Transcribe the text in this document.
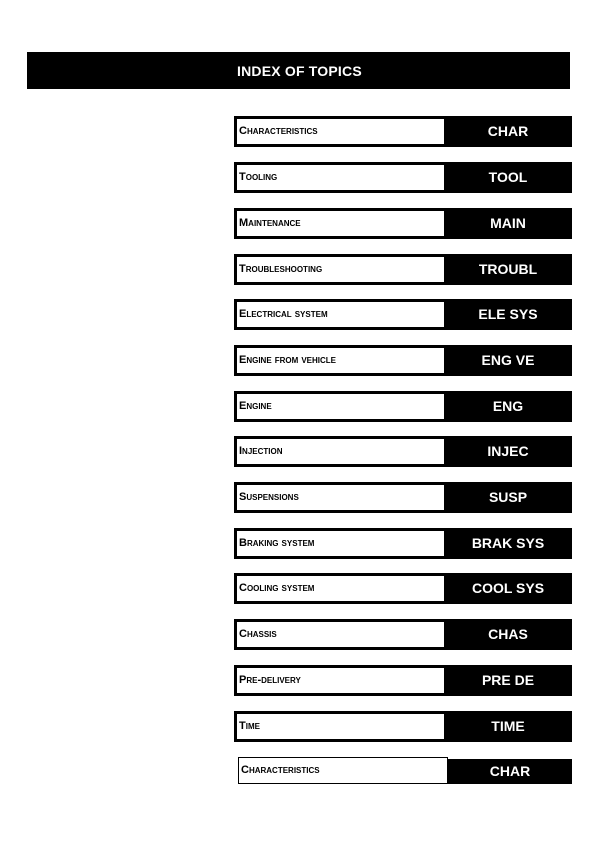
INDEX OF TOPICS
Characteristics	CHAR
Tooling	TOOL
Maintenance	MAIN
Troubleshooting	TROUBL
Electrical system	ELE SYS
Engine from vehicle	ENG VE
Engine	ENG
Injection	INJEC
Suspensions	SUSP
Braking system	BRAK SYS
Cooling system	COOL SYS
Chassis	CHAS
Pre-delivery	PRE DE
Time	TIME
Characteristics	CHAR
